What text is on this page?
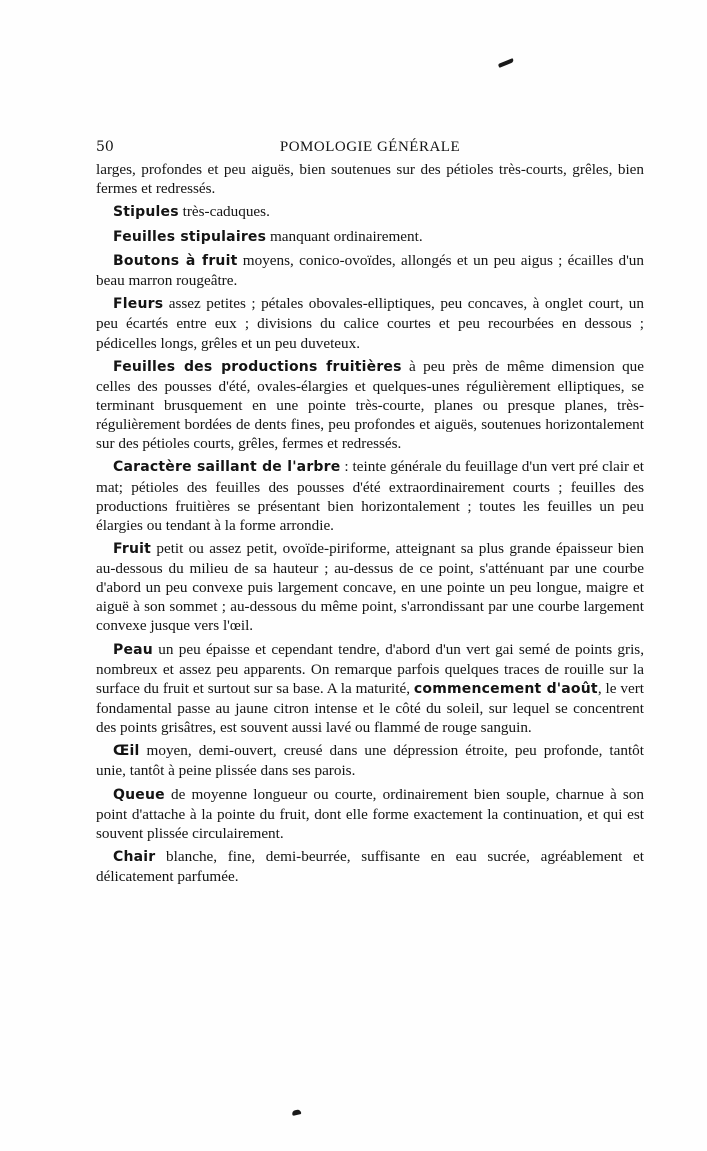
50	POMOLOGIE GÉNÉRALE

larges, profondes et peu aiguës, bien soutenues sur des pétioles très-courts, grêles, bien fermes et redressés.

Stipules très-caduques.

Feuilles stipulaires manquant ordinairement.

Boutons à fruit moyens, conico-ovoïdes, allongés et un peu aigus ; écailles d'un beau marron rougeâtre.

Fleurs assez petites ; pétales obovales-elliptiques, peu concaves, à onglet court, un peu écartés entre eux ; divisions du calice courtes et peu recourbées en dessous ; pédicelles longs, grêles et un peu duveteux.

Feuilles des productions fruitières à peu près de même dimension que celles des pousses d'été, ovales-élargies et quelques-unes régulièrement elliptiques, se terminant brusquement en une pointe très-courte, planes ou presque planes, très-régulièrement bordées de dents fines, peu profondes et aiguës, soutenues horizontalement sur des pétioles courts, grêles, fermes et redressés.

Caractère saillant de l'arbre : teinte générale du feuillage d'un vert pré clair et mat; pétioles des feuilles des pousses d'été extraordinairement courts ; feuilles des productions fruitières se présentant bien horizontalement ; toutes les feuilles un peu élargies ou tendant à la forme arrondie.

Fruit petit ou assez petit, ovoïde-piriforme, atteignant sa plus grande épaisseur bien au-dessous du milieu de sa hauteur ; au-dessus de ce point, s'atténuant par une courbe d'abord un peu convexe puis largement concave, en une pointe un peu longue, maigre et aiguë à son sommet ; au-dessous du même point, s'arrondissant par une courbe largement convexe jusque vers l'œil.

Peau un peu épaisse et cependant tendre, d'abord d'un vert gai semé de points gris, nombreux et assez peu apparents. On remarque parfois quelques traces de rouille sur la surface du fruit et surtout sur sa base. A la maturité, commencement d'août, le vert fondamental passe au jaune citron intense et le côté du soleil, sur lequel se concentrent des points grisâtres, est souvent aussi lavé ou flammé de rouge sanguin.

Œil moyen, demi-ouvert, creusé dans une dépression étroite, peu profonde, tantôt unie, tantôt à peine plissée dans ses parois.

Queue de moyenne longueur ou courte, ordinairement bien souple, charnue à son point d'attache à la pointe du fruit, dont elle forme exactement la continuation, et qui est souvent plissée circulairement.

Chair blanche, fine, demi-beurrée, suffisante en eau sucrée, agréablement et délicatement parfumée.
